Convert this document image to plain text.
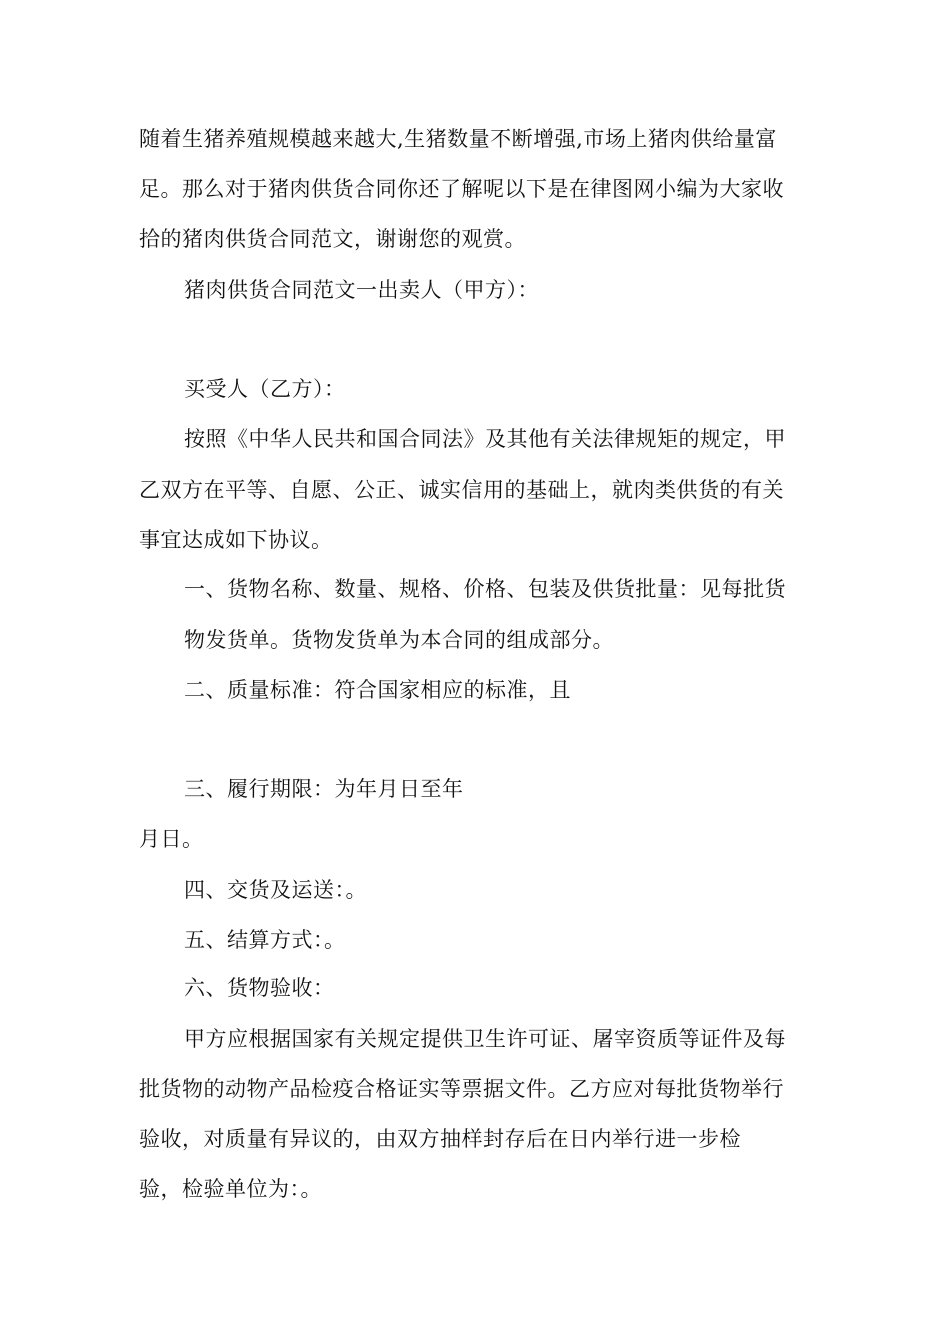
随着生猪养殖规模越来越大,生猪数量不断增强,市场上猪肉供给量富
足。那么对于猪肉供货合同你还了解呢以下是在律图网小编为大家收
拾的猪肉供货合同范文，谢谢您的观赏。
猪肉供货合同范文一出卖人（甲方）：
买受人（乙方）：
按照《中华人民共和国合同法》及其他有关法律规矩的规定，甲
乙双方在平等、自愿、公正、诚实信用的基础上，就肉类供货的有关
事宜达成如下协议。
一、货物名称、数量、规格、价格、包装及供货批量：见每批货
物发货单。货物发货单为本合同的组成部分。
二、质量标准：符合国家相应的标准，且
三、履行期限：为年月日至年
月日。
四、交货及运送：。
五、结算方式：。
六、货物验收：
甲方应根据国家有关规定提供卫生许可证、屠宰资质等证件及每
批货物的动物产品检疫合格证实等票据文件。乙方应对每批货物举行
验收，对质量有异议的，由双方抽样封存后在日内举行进一步检
验，检验单位为：。
